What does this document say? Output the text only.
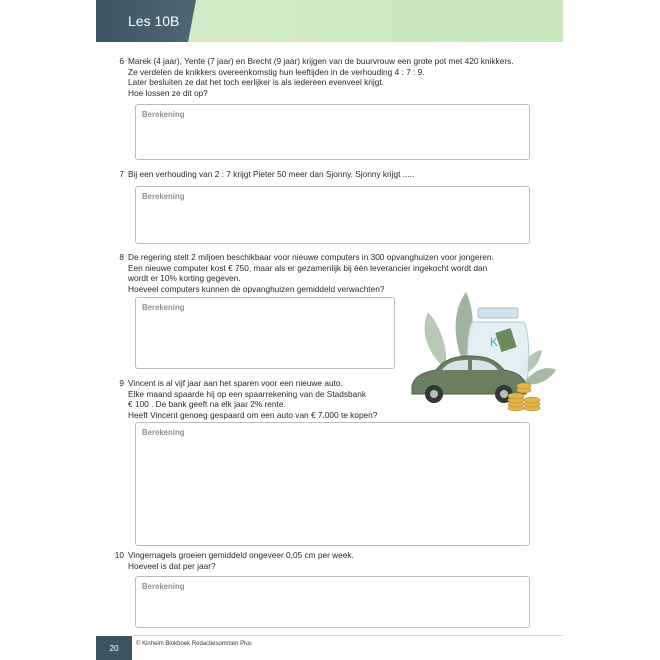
Les 10B
6 Marek (4 jaar), Yente (7 jaar) en Brecht (9 jaar) krijgen van de buurvrouw een grote pot met 420 knikkers.
Ze verdelen de knikkers overeenkomstig hun leeftijden in de verhouding 4 : 7 : 9.
Later besluiten ze dat het toch eerlijker is als iedereen evenveel krijgt.
Hoe lossen ze dit op?
Berekening
7 Bij een verhouding van 2 : 7 krijgt Pieter 50 meer dan Sjonny. Sjonny krijgt .....
Berekening
8 De regering stelt 2 miljoen beschikbaar voor nieuwe computers in 300 opvanghuizen voor jongeren.
Een nieuwe computer kost € 750, maar als er gezamenlijk bij één leverancier ingekocht wordt dan
wordt er 10% korting gegeven.
Hoeveel computers kunnen de opvanghuizen gemiddeld verwachten?
Berekening
K
9 Vincent is al vijf jaar aan het sparen voor een nieuwe auto.
Elke maand spaarde hij op een spaarrekening van de Stadsbank
€ 100 . De bank geeft na elk jaar 2% rente.
Heeft Vincent genoeg gespaard om een auto van € 7.000 te kopen?
Berekening
10 Vingernagels groeien gemiddeld ongeveer 0,05 cm per week.
Hoeveel is dat per jaar?
Berekening
20	© Kinheim Blokboek Redactiesommen Plus
